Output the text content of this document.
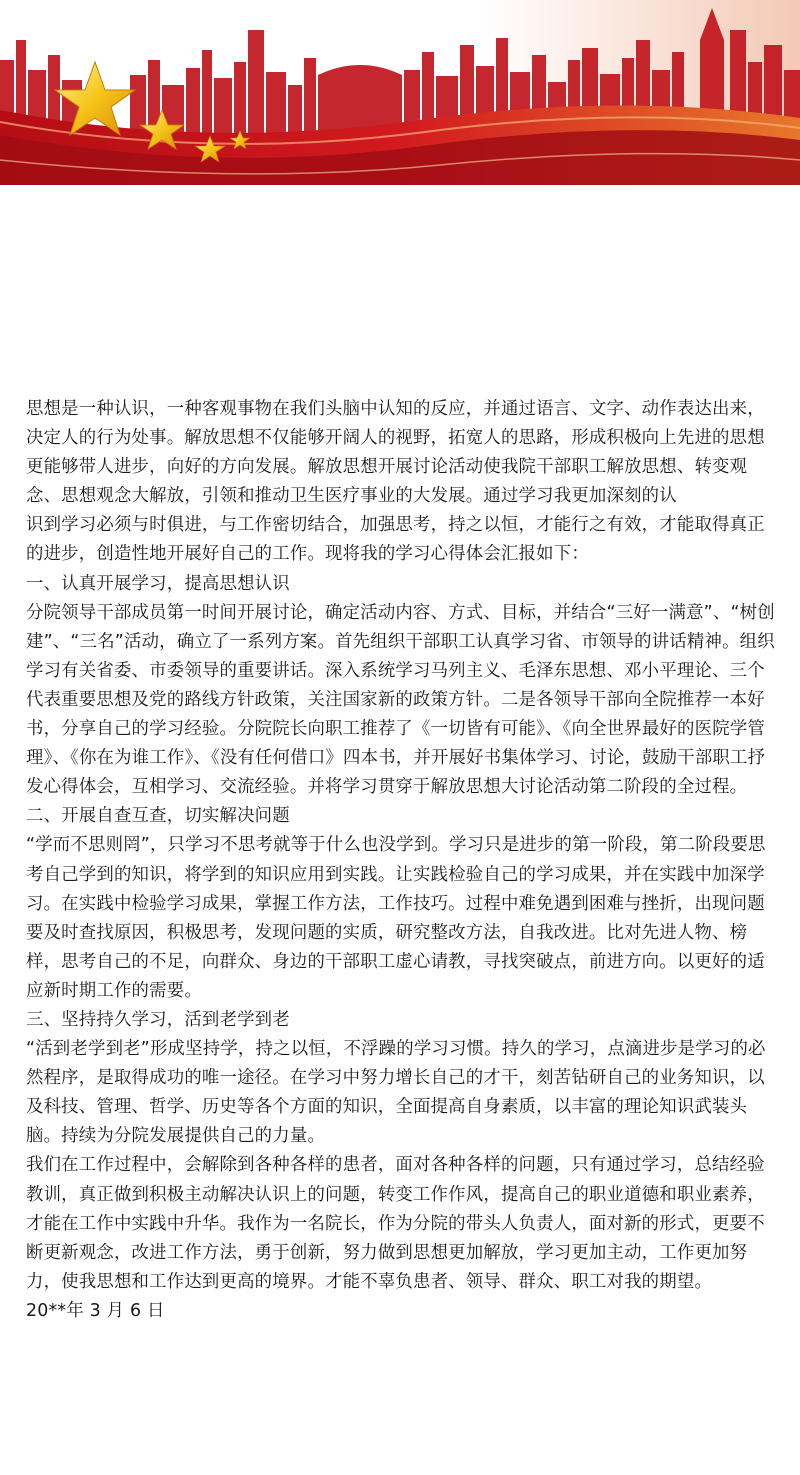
思想是一种认识，一种客观事物在我们头脑中认知的反应，并通过语言、文字、动作表达出来，决定人的行为处事。解放思想不仅能够开阔人的视野，拓宽人的思路，形成积极向上先进的思想更能够带人进步，向好的方向发展。解放思想开展讨论活动使我院干部职工解放思想、转变观念、思想观念大解放，引领和推动卫生医疗事业的大发展。通过学习我更加深刻的认

识到学习必须与时俱进，与工作密切结合，加强思考，持之以恒，才能行之有效，才能取得真正的进步，创造性地开展好自己的工作。现将我的学习心得体会汇报如下：

一、认真开展学习，提高思想认识

分院领导干部成员第一时间开展讨论，确定活动内容、方式、目标，并结合“三好一满意”、“树创建”、“三名”活动，确立了一系列方案。首先组织干部职工认真学习省、市领导的讲话精神。组织学习有关省委、市委领导的重要讲话。深入系统学习马列主义、毛泽东思想、邓小平理论、三个代表重要思想及党的路线方针政策，关注国家新的政策方针。二是各领导干部向全院推荐一本好书，分享自己的学习经验。分院院长向职工推荐了《一切皆有可能》、《向全世界最好的医院学管理》、《你在为谁工作》、《没有任何借口》四本书，并开展好书集体学习、讨论，鼓励干部职工抒发心得体会，互相学习、交流经验。并将学习贯穿于解放思想大讨论活动第二阶段的全过程。

二、开展自查互查，切实解决问题

“学而不思则罔”，只学习不思考就等于什么也没学到。学习只是进步的第一阶段，第二阶段要思考自己学到的知识，将学到的知识应用到实践。让实践检验自己的学习成果，并在实践中加深学习。在实践中检验学习成果，掌握工作方法，工作技巧。过程中难免遇到困难与挫折，出现问题要及时查找原因，积极思考，发现问题的实质，研究整改方法，自我改进。比对先进人物、榜样，思考自己的不足，向群众、身边的干部职工虚心请教，寻找突破点，前进方向。以更好的适应新时期工作的需要。

三、坚持持久学习，活到老学到老

“活到老学到老”形成坚持学，持之以恒，不浮躁的学习习惯。持久的学习，点滴进步是学习的必然程序，是取得成功的唯一途径。在学习中努力增长自己的才干，刻苦钻研自己的业务知识，以及科技、管理、哲学、历史等各个方面的知识，全面提高自身素质，以丰富的理论知识武装头脑。持续为分院发展提供自己的力量。

我们在工作过程中，会解除到各种各样的患者，面对各种各样的问题，只有通过学习，总结经验教训，真正做到积极主动解决认识上的问题，转变工作作风，提高自己的职业道德和职业素养，才能在工作中实践中升华。我作为一名院长，作为分院的带头人负责人，面对新的形式，更要不断更新观念，改进工作方法，勇于创新，努力做到思想更加解放，学习更加主动，工作更加努力，使我思想和工作达到更高的境界。才能不辜负患者、领导、群众、职工对我的期望。

20**年 3 月 6 日
